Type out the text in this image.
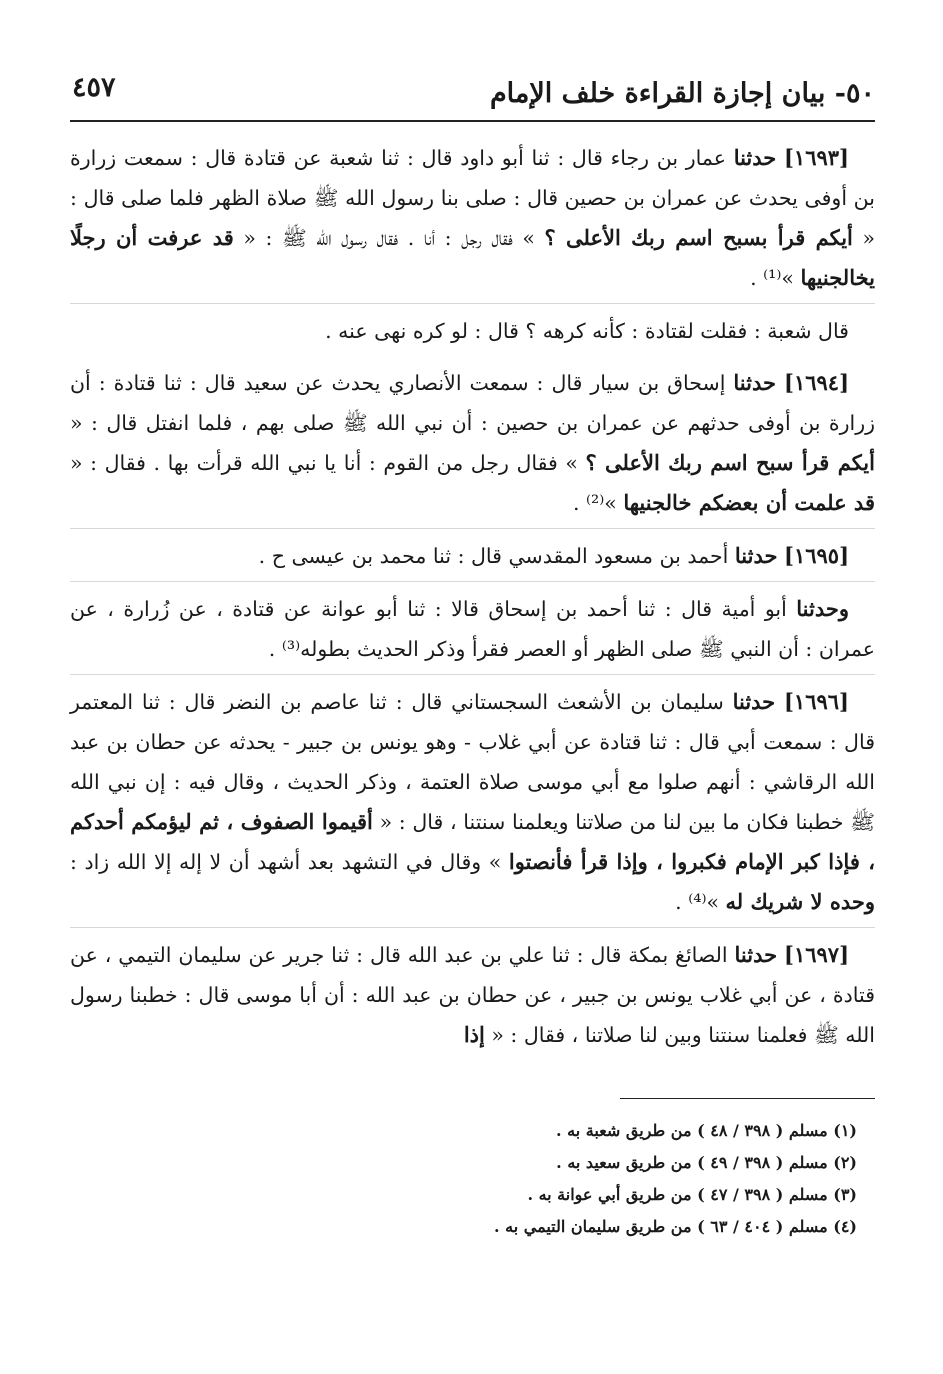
٥٠- بيان إجازة القراءة خلف الإمام
٤٥٧

[١٦٩٣] حدثنا عمار بن رجاء قال : ثنا أبو داود قال : ثنا شعبة عن قتادة قال : سمعت زرارة بن أوفى يحدث عن عمران بن حصين قال : صلى بنا رسول الله ﷺ صلاة الظهر فلما صلى قال : « أيكم قرأ بسبح اسم ربك الأعلى ؟ » فقال رجل : أنا . فقال رسول الله ﷺ : « قد عرفت أن رجلًا يخالجنيها »⁽¹⁾ .

قال شعبة : فقلت لقتادة : كأنه كرهه ؟ قال : لو كره نهى عنه .

[١٦٩٤] حدثنا إسحاق بن سيار قال : سمعت الأنصاري يحدث عن سعيد قال : ثنا قتادة : أن زرارة بن أوفى حدثهم عن عمران بن حصين : أن نبي الله ﷺ صلى بهم ، فلما انفتل قال : « أيكم قرأ سبح اسم ربك الأعلى ؟ » فقال رجل من القوم : أنا يا نبي الله قرأت بها . فقال : « قد علمت أن بعضكم خالجنيها »⁽²⁾ .

[١٦٩٥] حدثنا أحمد بن مسعود المقدسي قال : ثنا محمد بن عيسى ح .

وحدثنا أبو أمية قال : ثنا أحمد بن إسحاق قالا : ثنا أبو عوانة عن قتادة ، عن زُرارة ، عن عمران : أن النبي ﷺ صلى الظهر أو العصر فقرأ وذكر الحديث بطوله⁽³⁾ .

[١٦٩٦] حدثنا سليمان بن الأشعث السجستاني قال : ثنا عاصم بن النضر قال : ثنا المعتمر قال : سمعت أبي قال : ثنا قتادة عن أبي غلاب - وهو يونس بن جبير - يحدثه عن حطان بن عبد الله الرقاشي : أنهم صلوا مع أبي موسى صلاة العتمة ، وذكر الحديث ، وقال فيه : إن نبي الله ﷺ خطبنا فكان ما بين لنا من صلاتنا ويعلمنا سنتنا ، قال : « أقيموا الصفوف ، ثم ليؤمكم أحدكم ، فإذا كبر الإمام فكبروا ، وإذا قرأ فأنصتوا » وقال في التشهد بعد أشهد أن لا إله إلا الله زاد : وحده لا شريك له »⁽⁴⁾ .

[١٦٩٧] حدثنا الصائغ بمكة قال : ثنا علي بن عبد الله قال : ثنا جرير عن سليمان التيمي ، عن قتادة ، عن أبي غلاب يونس بن جبير ، عن حطان بن عبد الله : أن أبا موسى قال : خطبنا رسول الله ﷺ فعلمنا سنتنا وبين لنا صلاتنا ، فقال : « إذا

(١) مسلم ( ٣٩٨ / ٤٨ ) من طريق شعبة به .
(٢) مسلم ( ٣٩٨ / ٤٩ ) من طريق سعيد به .
(٣) مسلم ( ٣٩٨ / ٤٧ ) من طريق أبي عوانة به .
(٤) مسلم ( ٤٠٤ / ٦٣ ) من طريق سليمان التيمي به .
